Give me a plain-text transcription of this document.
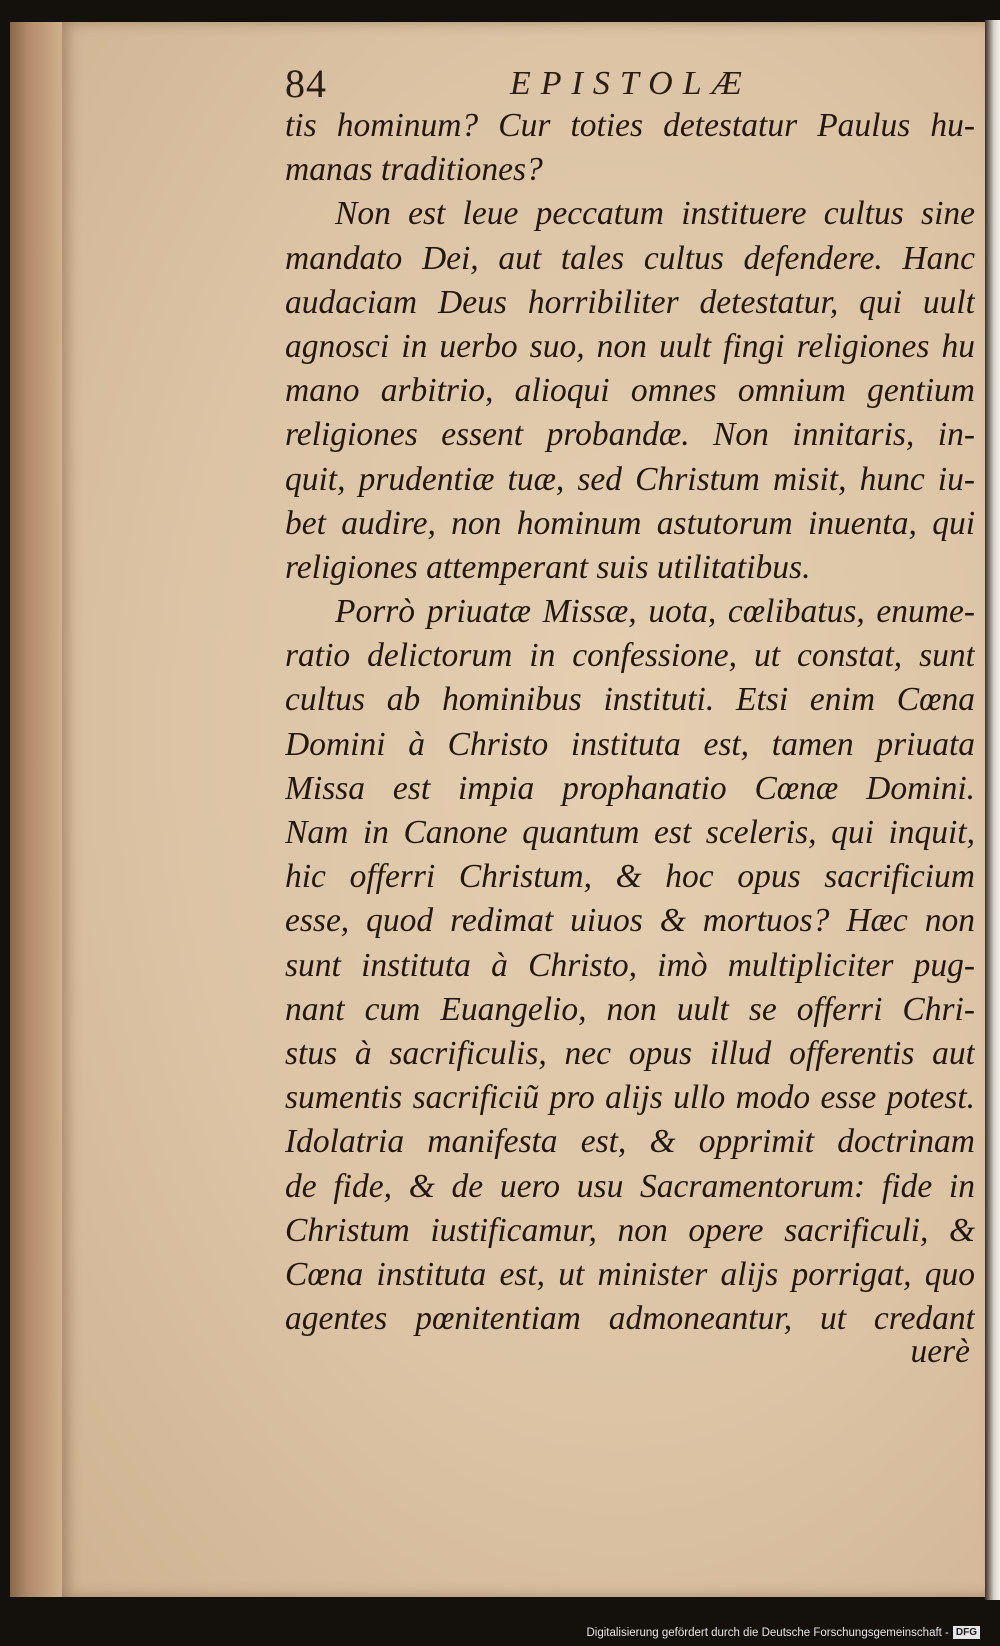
84	EPISTOLÆ
tis hominum? Cur toties detestatur Paulus hu-
manas traditiones?
Non est leue peccatum instituere cultus sine
mandato Dei, aut tales cultus defendere. Hanc
audaciam Deus horribiliter detestatur, qui uult
agnosci in uerbo suo, non uult fingi religiones hu
mano arbitrio, alioqui omnes omnium gentium
religiones essent probandæ. Non innitaris, in-
quit, prudentiæ tuæ, sed Christum misit, hunc iu-
bet audire, non hominum astutorum inuenta, qui
religiones attemperant suis utilitatibus.
Porrò priuatæ Missæ, uota, cœlibatus, enume-
ratio delictorum in confessione, ut constat, sunt
cultus ab hominibus instituti. Etsi enim Cœna
Domini à Christo instituta est, tamen priuata
Missa est impia prophanatio Cœnæ Domini.
Nam in Canone quantum est sceleris, qui inquit,
hic offerri Christum, & hoc opus sacrificium
esse, quod redimat uiuos & mortuos? Hæc non
sunt instituta à Christo, imò multipliciter pug-
nant cum Euangelio, non uult se offerri Chri-
stus à sacrificulis, nec opus illud offerentis aut
sumentis sacrificiũ pro alijs ullo modo esse potest.
Idolatria manifesta est, & opprimit doctrinam
de fide, & de uero usu Sacramentorum: fide in
Christum iustificamur, non opere sacrificuli, &
Cœna instituta est, ut minister alijs porrigat, quo
agentes pœnitentiam admoneantur, ut credant
uerè
Digitalisierung gefördert durch die Deutsche Forschungsgemeinschaft - DFG
